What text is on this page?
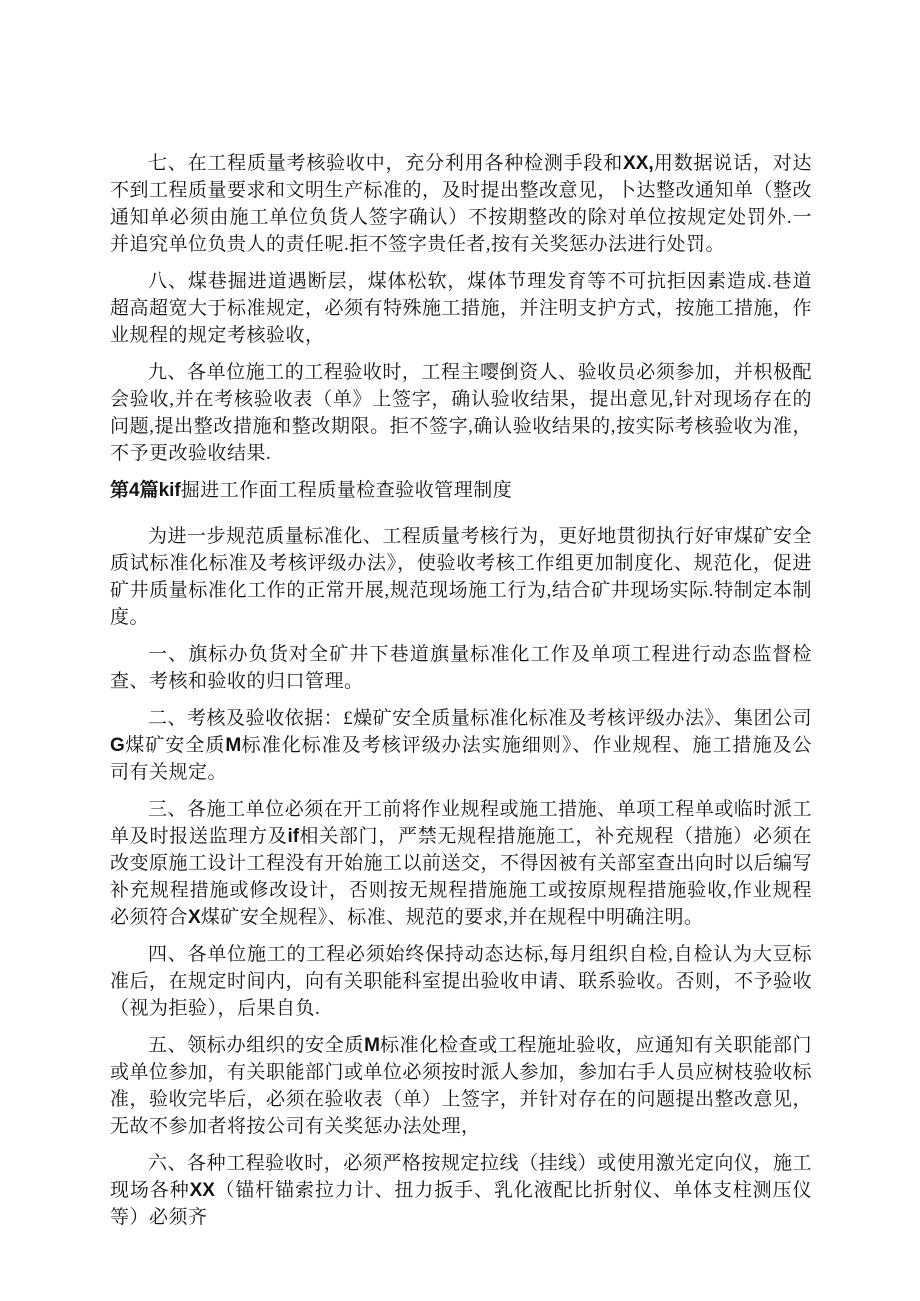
七、在工程质量考核验收中，充分利用各种检测手段和XX,用数据说话，对达不到工程质量要求和文明生产标准的，及时提出整改意见，卜达整改通知单（整改通知单必须由施工单位负货人签字确认）不按期整改的除对单位按规定处罚外.一并追究单位负贵人的责任呢.拒不签字贵任者,按有关奖惩办法进行处罚。

八、煤巷掘进道遇断层，煤体松软，煤体节理发育等不可抗拒因素造成.巷道超高超宽大于标准规定，必须有特殊施工措施，并注明支护方式，按施工措施，作业规程的规定考核验收，

九、各单位施工的工程验收时，工程主嘤倒资人、验收员必须参加，并枳极配会验收,并在考核验收表（单》上签字，确认验收结果，提出意见,针对现场存在的问题,提出整改措施和整改期限。拒不签字,确认验收结果的,按实际考核验收为准，不予更改验收结果.

第4篇kif掘进工作面工程质量检查验收管理制度

为进一步规范质量标准化、工程质量考核行为，更好地贯彻执行好审煤矿安全质试标准化标准及考核评级办法》，使验收考核工作组更加制度化、规范化，促进矿井质量标准化工作的正常开展,规范现场施工行为,结合矿井现场实际.特制定本制度。

一、旗标办负货对全矿井下巷道旗量标准化工作及单项工程进行动态监督检查、考核和验收的归口管理。

二、考核及验收依据：£燥矿安全质量标准化标准及考核评级办法》、集团公司G煤矿安全质M标准化标准及考核评级办法实施细则》、作业规程、施工措施及公司有关规定。

三、各施工单位必须在开工前将作业规程或施工措施、单项工程单或临时派工单及时报送监理方及if相关部门，严禁无规程措施施工，补充规程（措施）必须在改变原施工设计工程没有开始施工以前送交，不得因被有关部室查出向时以后编写补充规程措施或修改设计，否则按无规程措施施工或按原规程措施验收,作业规程必须符合X煤矿安全规程》、标准、规范的要求,并在规程中明确注明。

四、各单位施工的工程必须始终保持动态达标,每月组织自检,自检认为大豆标准后，在规定时间内，向有关职能科室提出验收申请、联系验收。否则，不予验收（视为拒验），后果自负.

五、领标办组织的安全质M标准化检查或工程施址验收，应通知有关职能部门或单位参加，有关职能部门或单位必须按时派人参加，参加右手人员应树枝验收标准，验收完毕后，必须在验收表（单）上签字，并针对存在的问题提出整改意见，无故不参加者将按公司有关奖惩办法处理，

六、各种工程验收时，必须严格按规定拉线（挂线）或使用激光定向仪，施工现场各种XX（锚杆锚索拉力计、扭力扳手、乳化液配比折射仪、单体支柱测压仪等）必须齐
